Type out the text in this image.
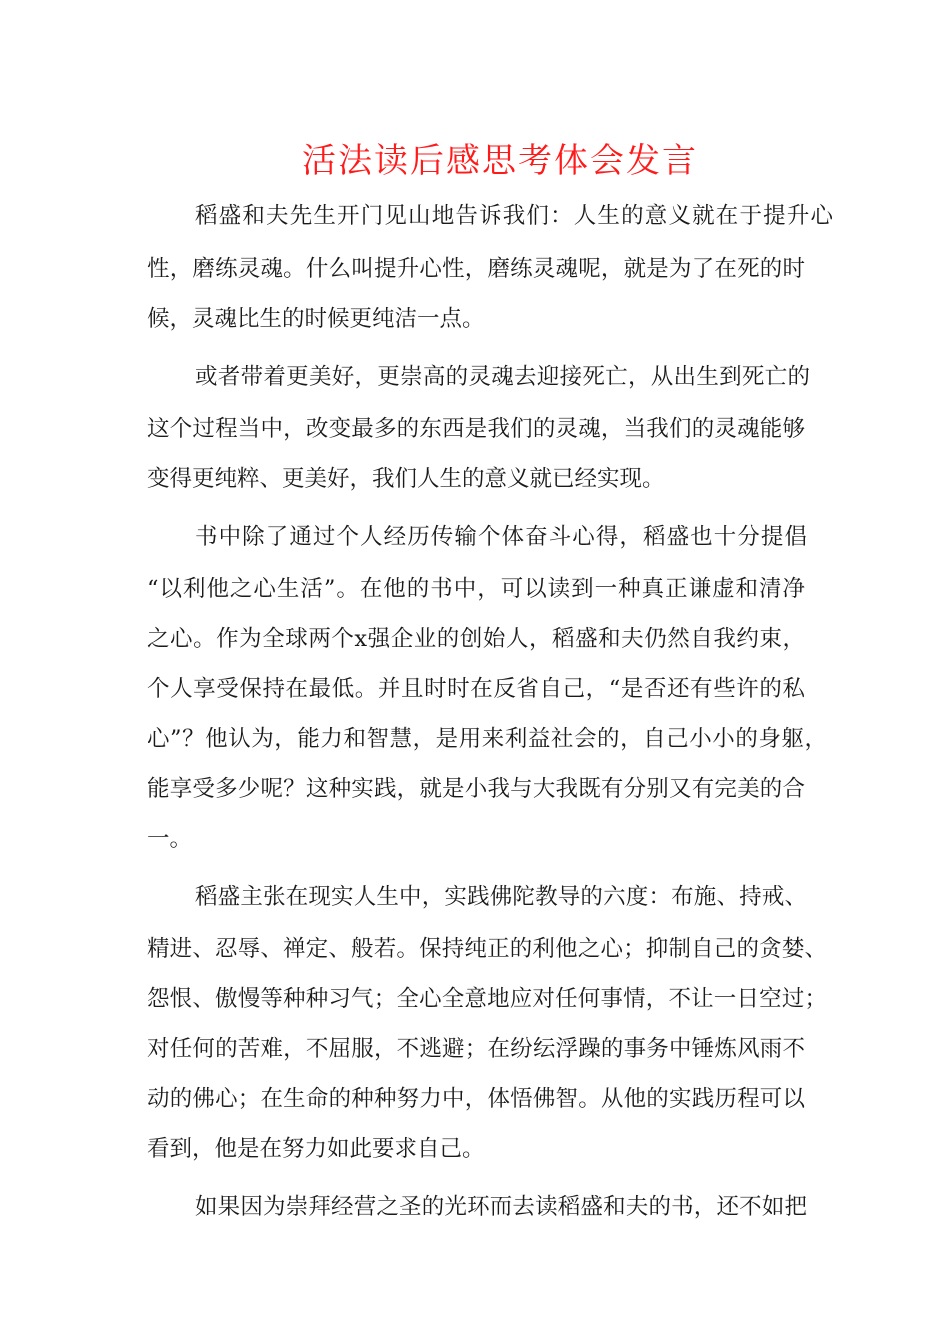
活法读后感思考体会发言
稻盛和夫先生开门见山地告诉我们：人生的意义就在于提升心
性，磨练灵魂。什么叫提升心性，磨练灵魂呢，就是为了在死的时
候，灵魂比生的时候更纯洁一点。
或者带着更美好，更崇高的灵魂去迎接死亡，从出生到死亡的
这个过程当中，改变最多的东西是我们的灵魂，当我们的灵魂能够
变得更纯粹、更美好，我们人生的意义就已经实现。
书中除了通过个人经历传输个体奋斗心得，稻盛也十分提倡
“以利他之心生活”。在他的书中，可以读到一种真正谦虚和清净
之心。作为全球两个x强企业的创始人，稻盛和夫仍然自我约束，
个人享受保持在最低。并且时时在反省自己，“是否还有些许的私
心”？他认为，能力和智慧，是用来利益社会的，自己小小的身躯，
能享受多少呢？这种实践，就是小我与大我既有分别又有完美的合
一。
稻盛主张在现实人生中，实践佛陀教导的六度：布施、持戒、
精进、忍辱、禅定、般若。保持纯正的利他之心；抑制自己的贪婪、
怨恨、傲慢等种种习气；全心全意地应对任何事情，不让一日空过；
对任何的苦难，不屈服，不逃避；在纷纭浮躁的事务中锤炼风雨不
动的佛心；在生命的种种努力中，体悟佛智。从他的实践历程可以
看到，他是在努力如此要求自己。
如果因为崇拜经营之圣的光环而去读稻盛和夫的书，还不如把
